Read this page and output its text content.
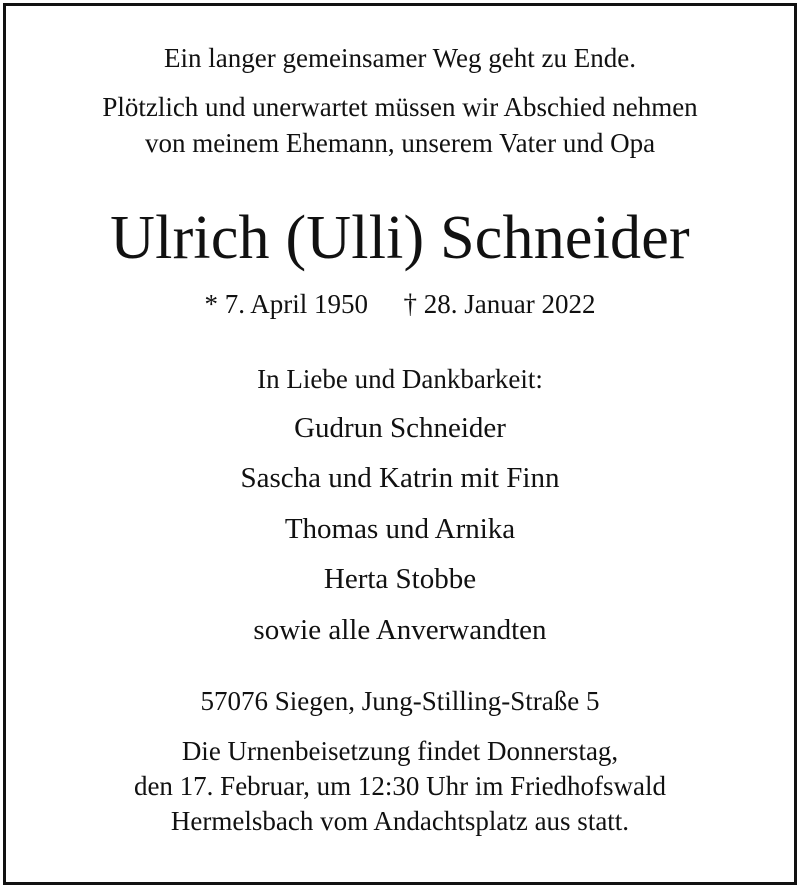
Ein langer gemeinsamer Weg geht zu Ende.
Plötzlich und unerwartet müssen wir Abschied nehmen
von meinem Ehemann, unserem Vater und Opa
Ulrich (Ulli) Schneider
* 7. April 1950 † 28. Januar 2022
In Liebe und Dankbarkeit:
Gudrun Schneider
Sascha und Katrin mit Finn
Thomas und Arnika
Herta Stobbe
sowie alle Anverwandten
57076 Siegen, Jung-Stilling-Straße 5
Die Urnenbeisetzung findet Donnerstag,
den 17. Februar, um 12:30 Uhr im Friedhofswald
Hermelsbach vom Andachtsplatz aus statt.
